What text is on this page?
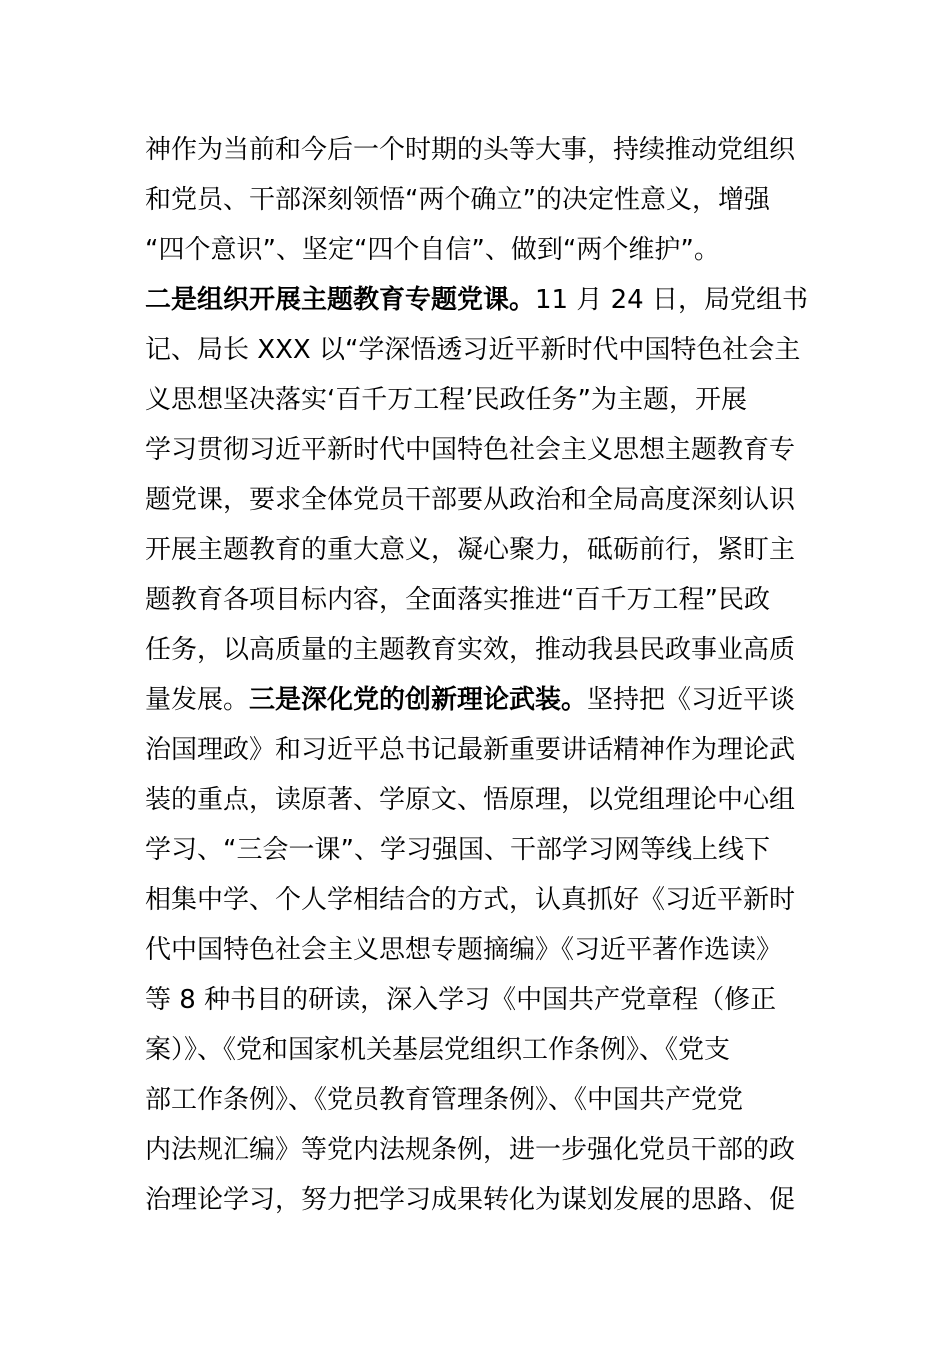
神作为当前和今后一个时期的头等大事，持续推动党组织
和党员、干部深刻领悟“两个确立”的决定性意义，增强
“四个意识”、坚定“四个自信”、做到“两个维护”。
二是组织开展主题教育专题党课。11 月 24 日，局党组书
记、局长 XXX 以“学深悟透习近平新时代中国特色社会主
义思想坚决落实‘百千万工程’民政任务”为主题，开展
学习贯彻习近平新时代中国特色社会主义思想主题教育专
题党课，要求全体党员干部要从政治和全局高度深刻认识
开展主题教育的重大意义，凝心聚力，砥砺前行，紧盯主
题教育各项目标内容，全面落实推进“百千万工程”民政
任务，以高质量的主题教育实效，推动我县民政事业高质
量发展。三是深化党的创新理论武装。坚持把《习近平谈
治国理政》和习近平总书记最新重要讲话精神作为理论武
装的重点，读原著、学原文、悟原理，以党组理论中心组
学习、“三会一课”、学习强国、干部学习网等线上线下
相集中学、个人学相结合的方式，认真抓好《习近平新时
代中国特色社会主义思想专题摘编》《习近平著作选读》
等 8 种书目的研读，深入学习《中国共产党章程（修正
案）》、《党和国家机关基层党组织工作条例》、《党支
部工作条例》、《党员教育管理条例》、《中国共产党党
内法规汇编》等党内法规条例，进一步强化党员干部的政
治理论学习，努力把学习成果转化为谋划发展的思路、促
